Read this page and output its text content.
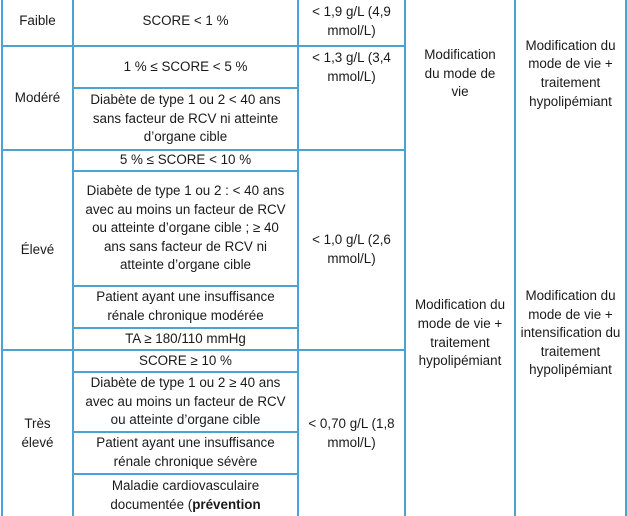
Faible	SCORE < 1 %	< 1,9 g/L (4,9 mmol/L)	Modification du mode de vie	Modification du mode de vie + traitement hypolipémiant

Modéré	1 % ≤ SCORE < 5 %	< 1,3 g/L (3,4 mmol/L)		

	Diabète de type 1 ou 2 < 40 ans sans facteur de RCV ni atteinte d’organe cible			

Élevé	5 % ≤ SCORE < 10 %	< 1,0 g/L (2,6 mmol/L)	Modification du mode de vie + traitement hypolipémiant	Modification du mode de vie + intensification du traitement hypolipémiant

	Diabète de type 1 ou 2 : < 40 ans avec au moins un facteur de RCV ou atteinte d’organe cible ; ≥ 40 ans sans facteur de RCV ni atteinte d’organe cible			

	Patient ayant une insuffisance rénale chronique modérée			

	TA ≥ 180/110 mmHg			

Très élevé	SCORE ≥ 10 %	< 0,70 g/L (1,8 mmol/L)		

	Diabète de type 1 ou 2 ≥ 40 ans avec au moins un facteur de RCV ou atteinte d’organe cible			

	Patient ayant une insuffisance rénale chronique sévère			

	Maladie cardiovasculaire documentée (prévention			
